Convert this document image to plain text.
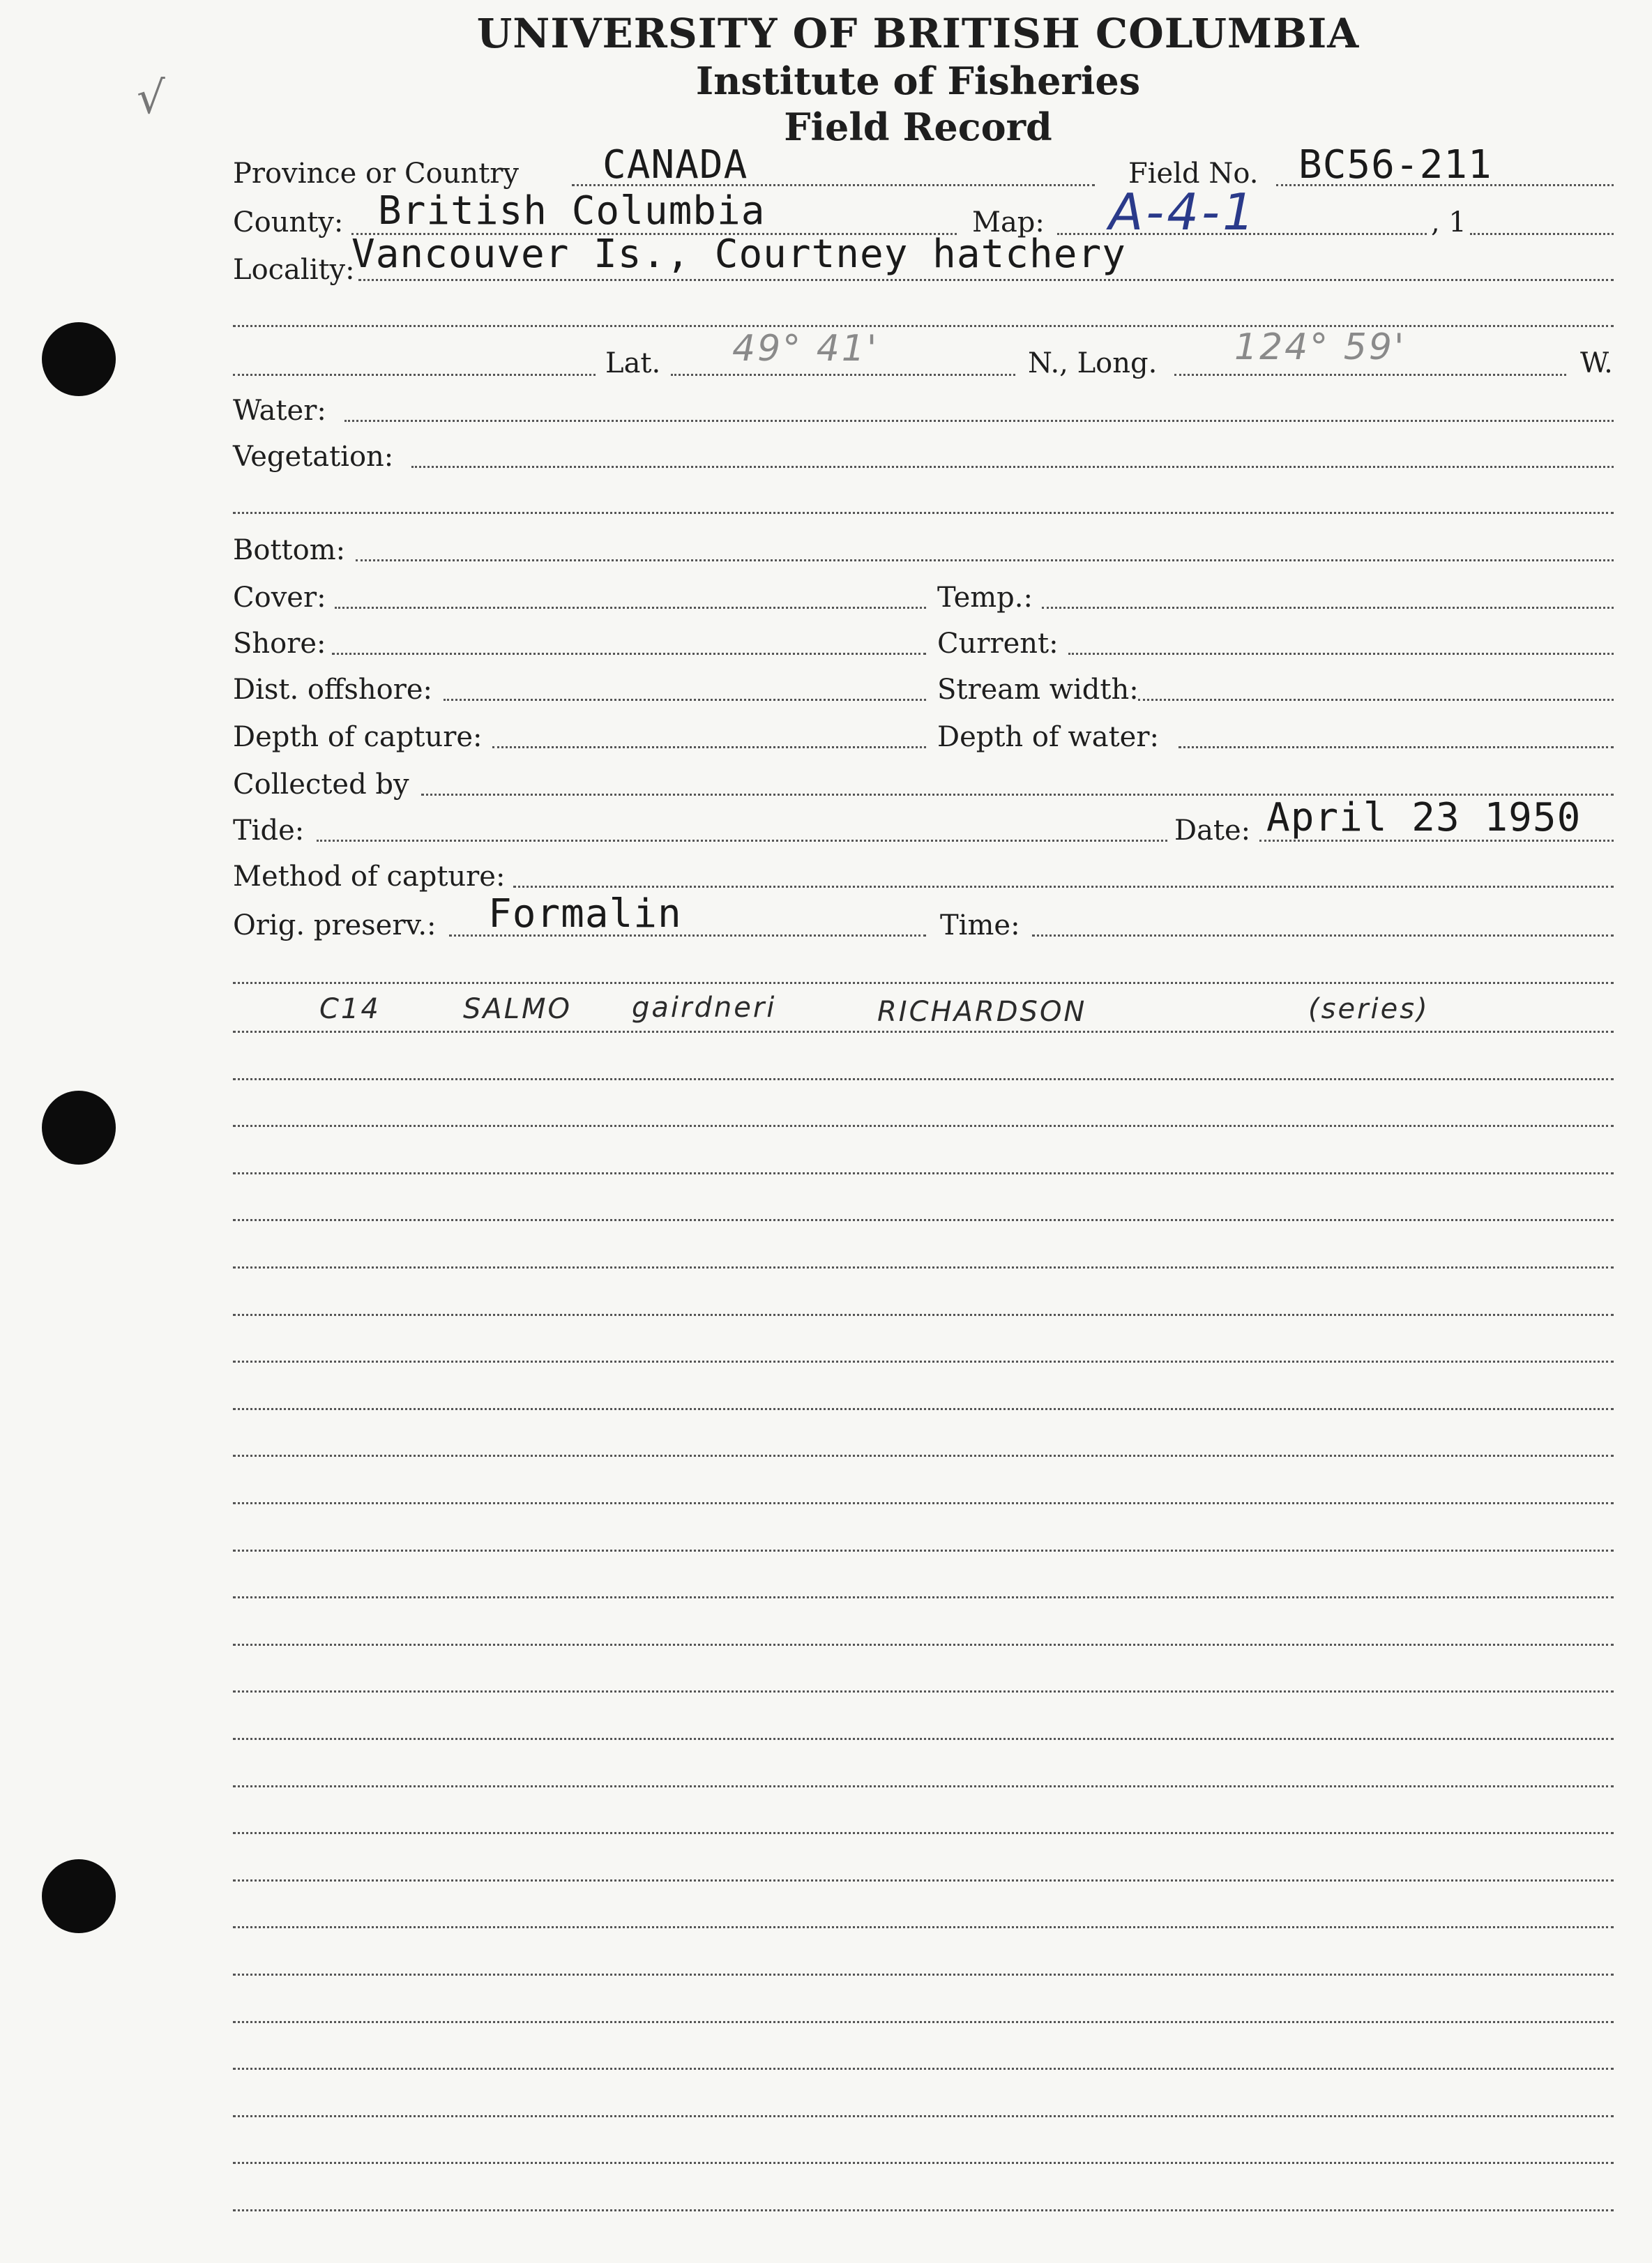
√
UNIVERSITY OF BRITISH COLUMBIA
Institute of Fisheries
Field Record
Province or Country CANADA	Field No. BC56-211
County: British Columbia	Map: A-4-1	, 1
Locality:
Vancouver Is., Courtney hatchery
Lat. 49° 41'	N., Long. 124° 59'	W.
Water:
Vegetation:
Bottom:
Cover:	Temp.:
Shore:	Current:
Dist. offshore:	Stream width:
Depth of capture:	Depth of water:
Collected by
Tide:	Date: April 23 1950
Method of capture:
Orig. preserv.: Formalin	Time:
C14	SALMO gairdneri	RICHARDSON	(series)
